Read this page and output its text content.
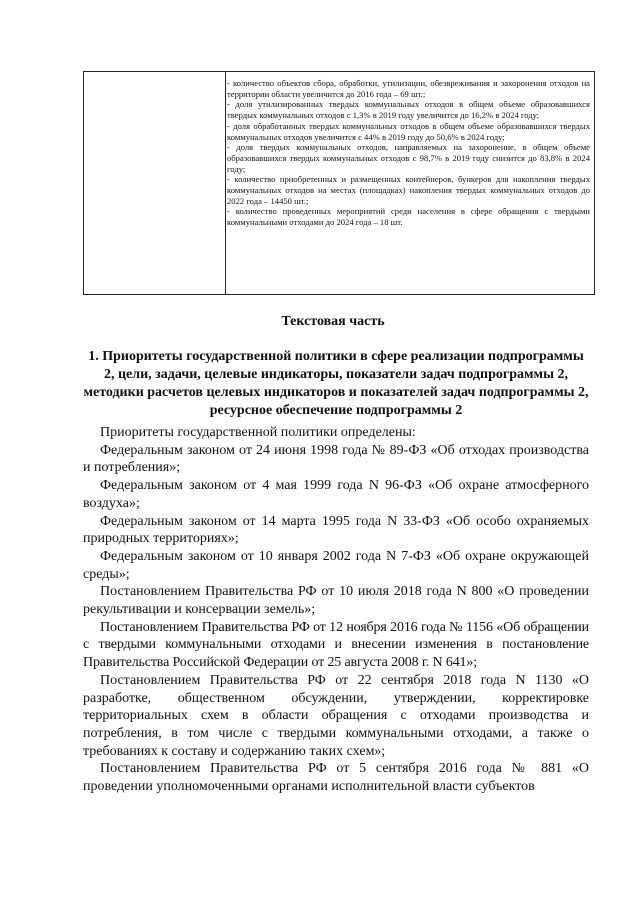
- количество объектов сбора, обработки, утилизации, обезвреживания и захоронения отходов на территории области увеличится до 2016 года – 69 шт.;

- доля утилизированных твердых коммунальных отходов в общем объеме образовавшихся твердых коммунальных отходов с 1,3% в 2019 году увеличится до 16,2% в 2024 году;

- доля обработанных твердых коммунальных отходов в общем объеме образовавшихся твердых коммунальных отходов увеличится с 44% в 2019 году до 50,6% в 2024 году;

- доля твердых коммунальных отходов, направляемых на захоронение, в общем объеме образовавшихся твердых коммунальных отходов с 98,7% в 2019 году снизится до 83,8% в 2024 году;

- количество приобретенных и размещенных контейнеров, бункеров для накопления твердых коммунальных отходов на местах (площадках) накопления твердых коммунальных отходов до 2022 года – 14450 шт.;

- количество проведенных мероприятий среди населения в сфере обращения с твердыми коммунальными отходами до 2024 года – 18 шт.

Текстовая часть

1. Приоритеты государственной политики в сфере реализации подпрограммы 2, цели, задачи, целевые индикаторы, показатели задач подпрограммы 2, методики расчетов целевых индикаторов и показателей задач подпрограммы 2, ресурсное обеспечение подпрограммы 2

Приоритеты государственной политики определены:

Федеральным законом от 24 июня 1998 года № 89-ФЗ «Об отходах производства и потребления»;

Федеральным законом от 4 мая 1999 года N 96-ФЗ «Об охране атмосферного воздуха»;

Федеральным законом от 14 марта 1995 года N 33-ФЗ «Об особо охраняемых природных территориях»;

Федеральным законом от 10 января 2002 года N 7-ФЗ «Об охране окружающей среды»;

Постановлением Правительства РФ от 10 июля 2018 года N 800 «О проведении рекультивации и консервации земель»;

Постановлением Правительства РФ от 12 ноября 2016 года № 1156 «Об обращении с твердыми коммунальными отходами и внесении изменения в постановление Правительства Российской Федерации от 25 августа 2008 г. N 641»;

Постановлением Правительства РФ от 22 сентября 2018 года N 1130 «О разработке, общественном обсуждении, утверждении, корректировке территориальных схем в области обращения с отходами производства и потребления, в том числе с твердыми коммунальными отходами, а также о требованиях к составу и содержанию таких схем»;

Постановлением Правительства РФ от 5 сентября 2016 года № 881 «О проведении уполномоченными органами исполнительной власти субъектов
